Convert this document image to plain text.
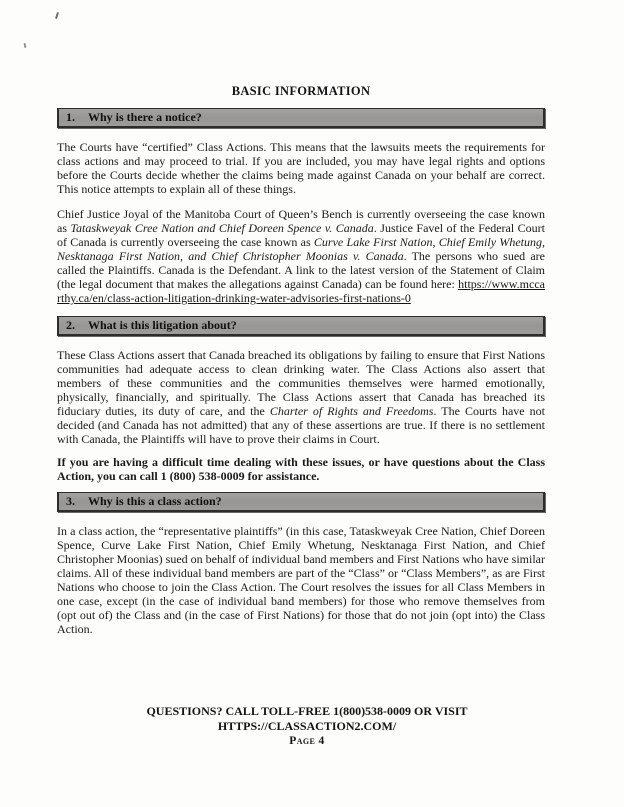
BASIC INFORMATION
1. Why is there a notice?

The Courts have “certified” Class Actions. This means that the lawsuits meets the requirements for class actions and may proceed to trial. If you are included, you may have legal rights and options before the Courts decide whether the claims being made against Canada on your behalf are correct. This notice attempts to explain all of these things.

Chief Justice Joyal of the Manitoba Court of Queen’s Bench is currently overseeing the case known as Tataskweyak Cree Nation and Chief Doreen Spence v. Canada. Justice Favel of the Federal Court of Canada is currently overseeing the case known as Curve Lake First Nation, Chief Emily Whetung, Nesktanaga First Nation, and Chief Christopher Moonias v. Canada. The persons who sued are called the Plaintiffs. Canada is the Defendant. A link to the latest version of the Statement of Claim (the legal document that makes the allegations against Canada) can be found here: https://www.mccarthy.ca/en/class-action-litigation-drinking-water-advisories-first-nations-0

2. What is this litigation about?

These Class Actions assert that Canada breached its obligations by failing to ensure that First Nations communities had adequate access to clean drinking water. The Class Actions also assert that members of these communities and the communities themselves were harmed emotionally, physically, financially, and spiritually. The Class Actions assert that Canada has breached its fiduciary duties, its duty of care, and the Charter of Rights and Freedoms. The Courts have not decided (and Canada has not admitted) that any of these assertions are true. If there is no settlement with Canada, the Plaintiffs will have to prove their claims in Court.

If you are having a difficult time dealing with these issues, or have questions about the Class Action, you can call 1 (800) 538-0009 for assistance.

3. Why is this a class action?

In a class action, the “representative plaintiffs” (in this case, Tataskweyak Cree Nation, Chief Doreen Spence, Curve Lake First Nation, Chief Emily Whetung, Nesktanaga First Nation, and Chief Christopher Moonias) sued on behalf of individual band members and First Nations who have similar claims. All of these individual band members are part of the “Class” or “Class Members”, as are First Nations who choose to join the Class Action. The Court resolves the issues for all Class Members in one case, except (in the case of individual band members) for those who remove themselves from (opt out of) the Class and (in the case of First Nations) for those that do not join (opt into) the Class Action.

QUESTIONS? CALL TOLL-FREE 1(800)538-0009 OR VISIT
HTTPS://CLASSACTION2.COM/
Page 4
